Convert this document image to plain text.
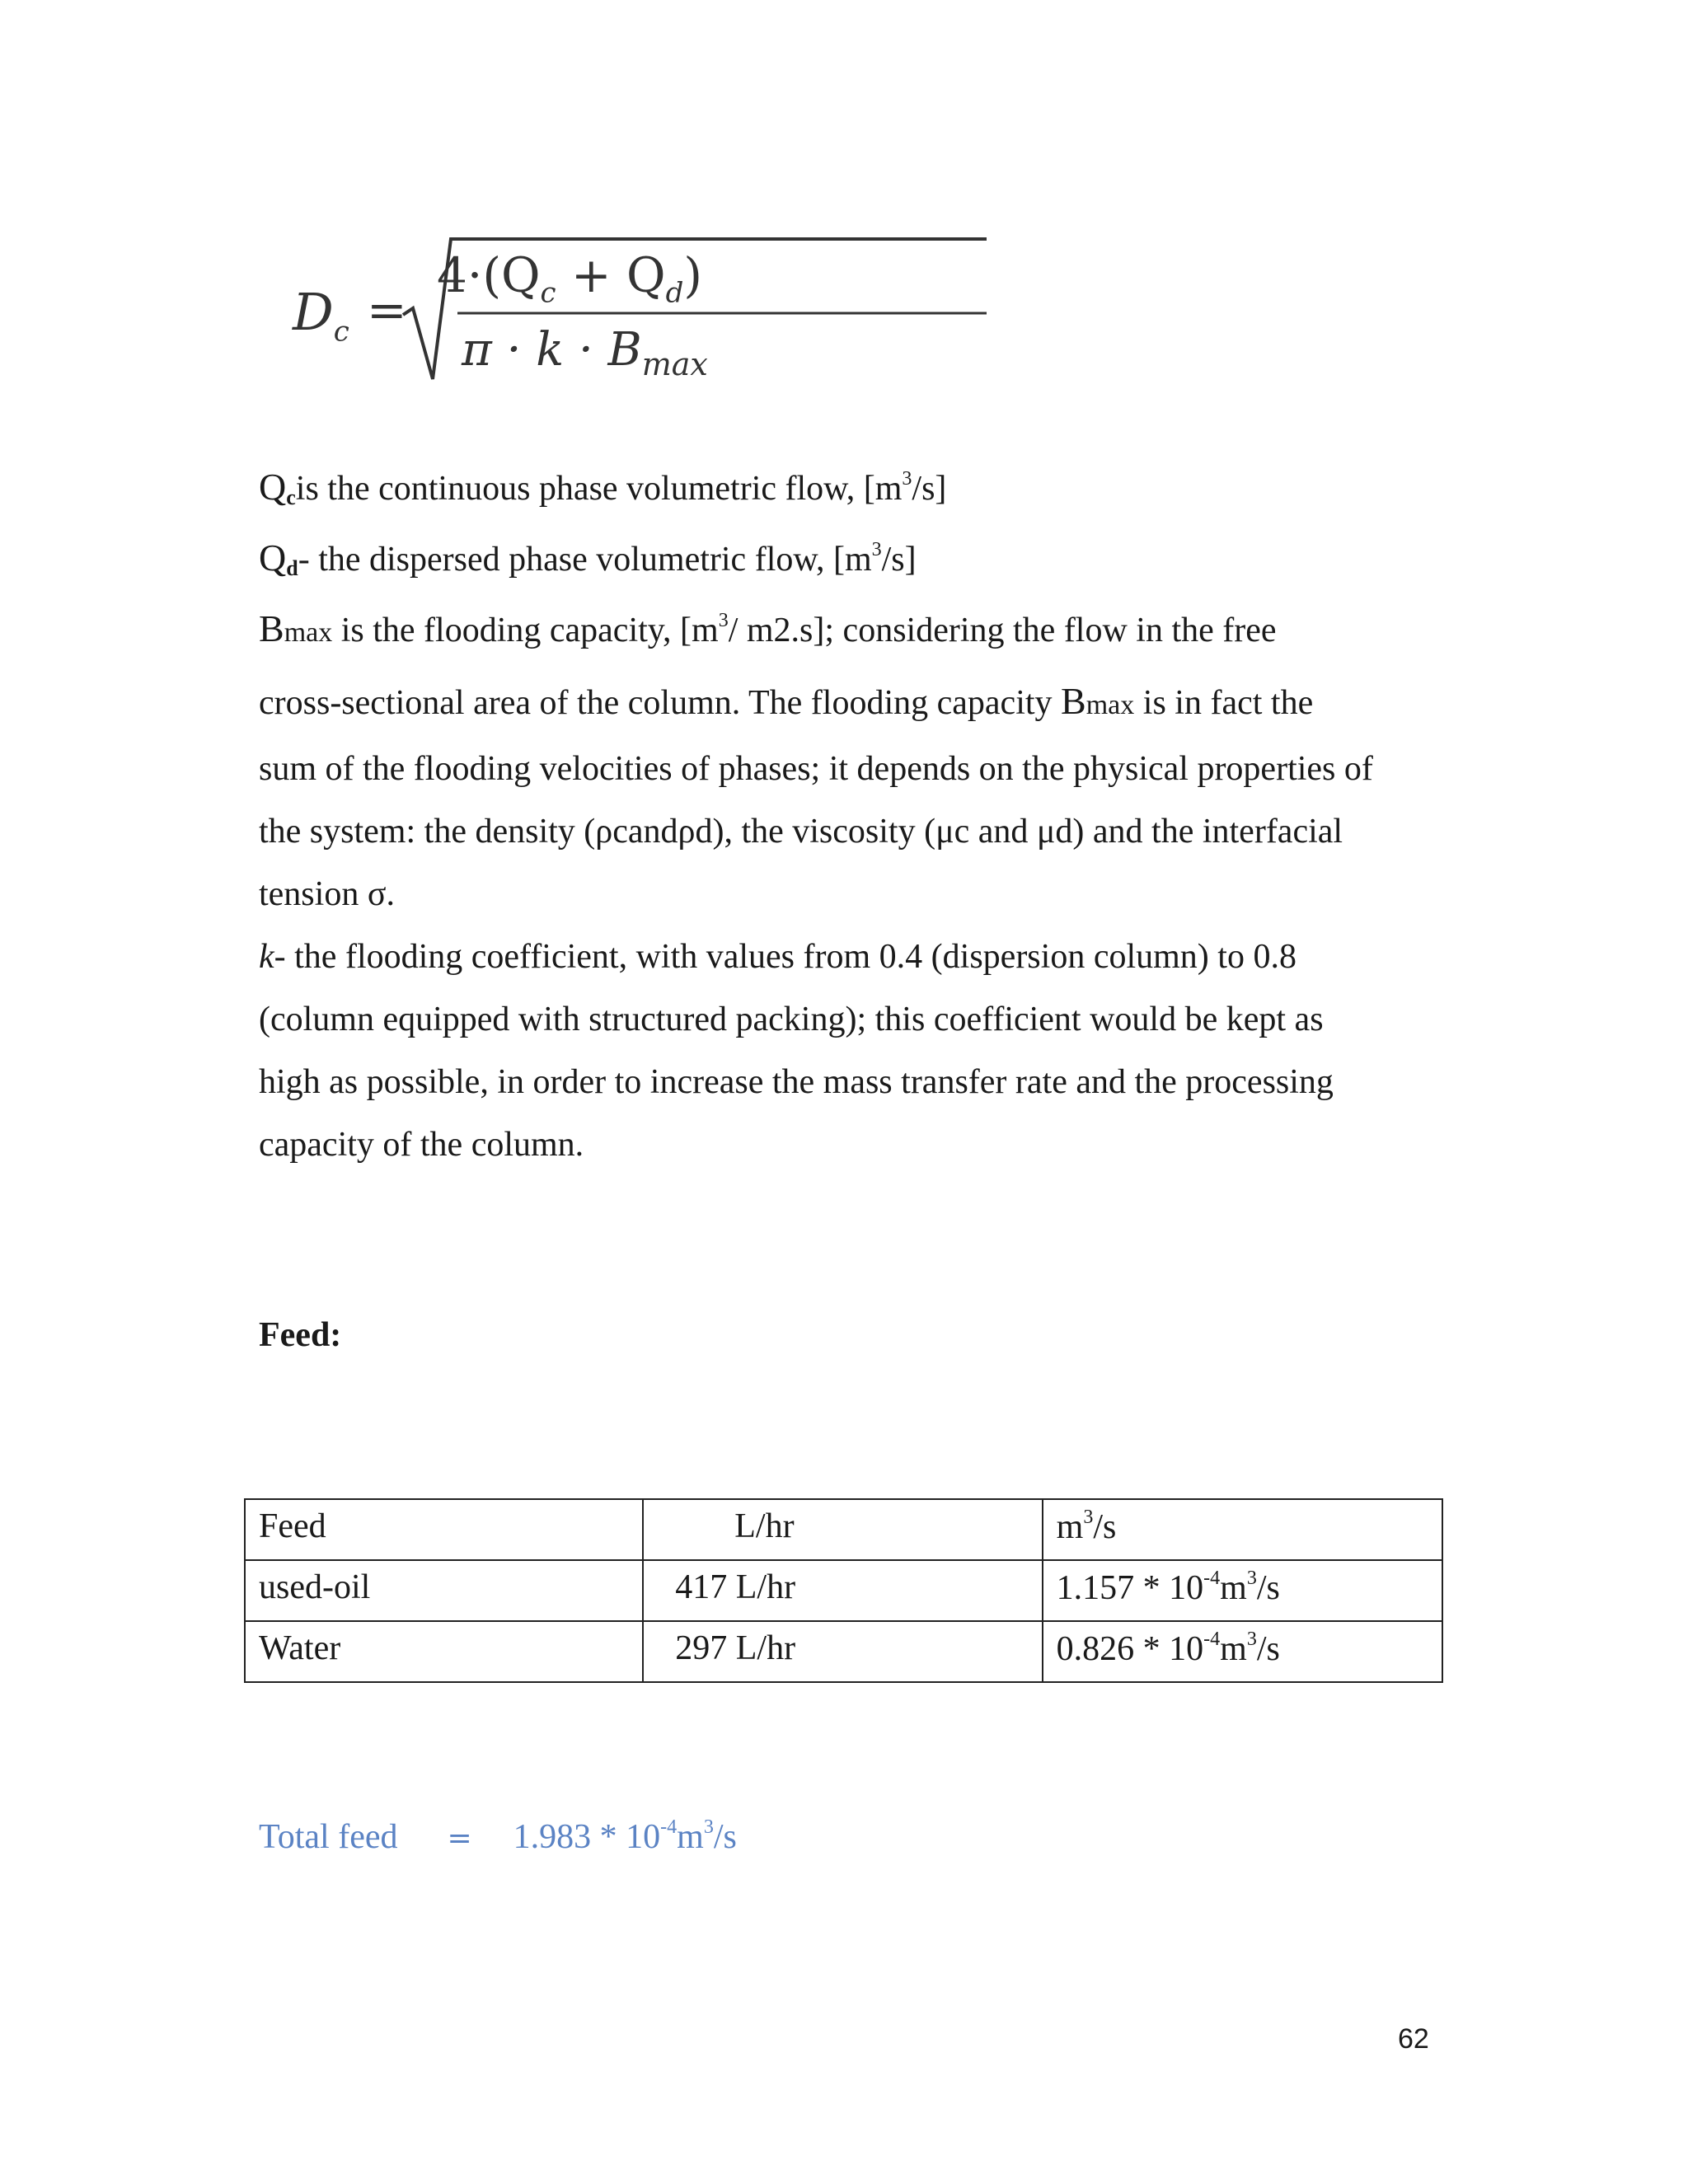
$D_c$ =
$4\cdot(Q_c + Q_d)$
$\pi \cdot k \cdot B_{max}$
Qcis the continuous phase volumetric flow, $[m^3/s]$
Qd- the dispersed phase volumetric flow, $[m^3/s]$
Bmax is the flooding capacity, [$m^3/$ m2.s]; considering the flow in the free
cross-sectional area of the column. The flooding capacity Bmax is in fact the
sum of the flooding velocities of phases; it depends on the physical properties of
the system: the density (ρcandρd), the viscosity (μc and μd) and the interfacial
tension σ.
k- the flooding coefficient, with values from 0.4 (dispersion column) to 0.8
(column equipped with structured packing); this coefficient would be kept as
high as possible, in order to increase the mass transfer rate and the processing
capacity of the column.
Feed:
Feed	L/hr	$m^3/s$
used-oil	417 L/hr	$1.157 * 10^{-4}m^3/s$
Water	297 L/hr	$0.826 * 10^{-4}m^3/s$
Total feed = $1.983 * 10^{-4}m^3/s$
62
